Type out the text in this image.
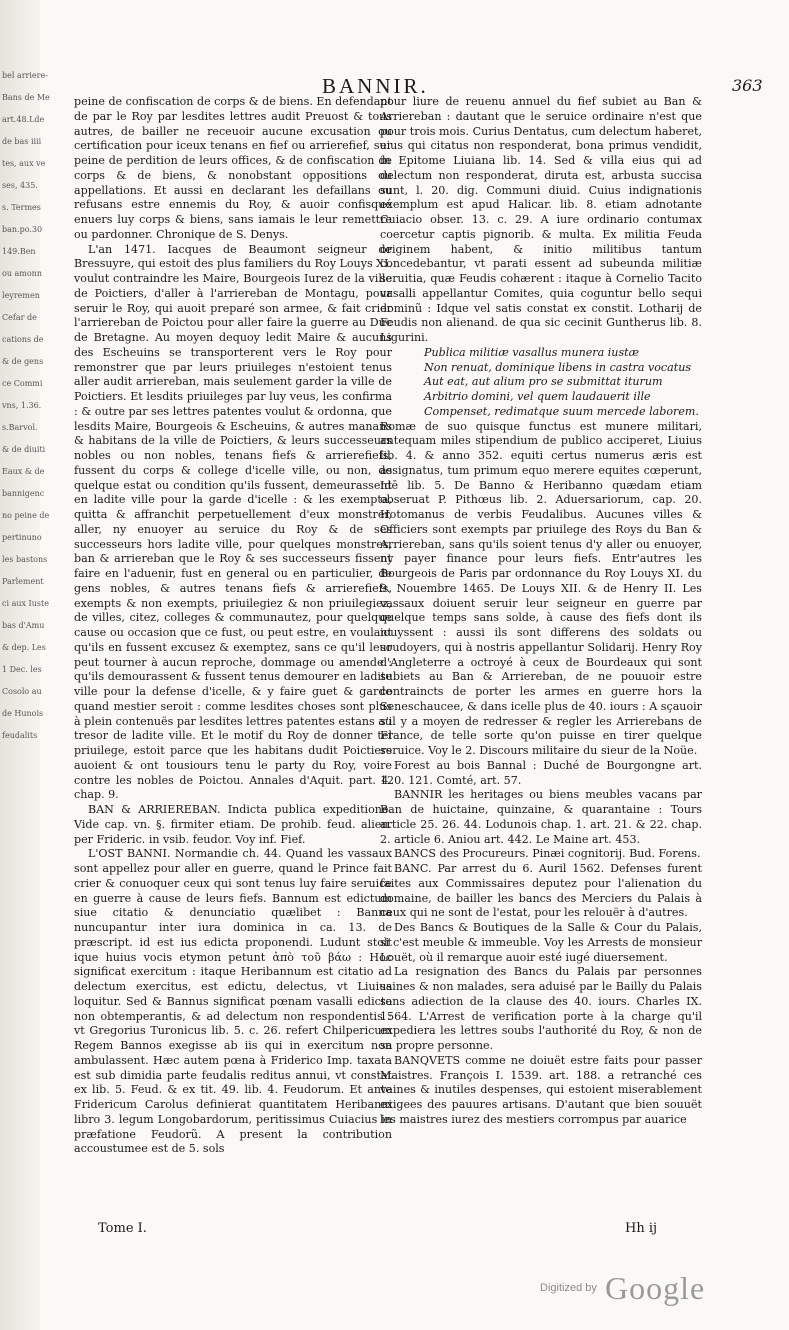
bel arriere-
Bans de Me
art.48.Lde
de bas iiii
tes, aux ve
ses, 435.
s. Termes
ban.po.30
149.Ben
ou amonn
leyremen
Cefar de
cations de
& de gens
ce Commi
vns, 1.36.
s.Barvol.
& de diuiti
Eaux & de
bannigenc
no peine de
pertinuno
les bastons
Parlement
ci aux Iuste
bas d'Amu
& dep. Les
1 Dec. les
Cosolo au
de Hunois
feudalits
BANNIR.	363

peine de confiscation de corps & de biens. En defendant de par le Roy par lesdites lettres audit Preuost & tous autres, de bailler ne receuoir aucune excusation ou certification pour iceux tenans en fief ou arrierefief, sur peine de perdition de leurs offices, & de confiscation de corps & de biens, & nonobstant oppositions ou appellations. Et aussi en declarant les defaillans ou refusans estre ennemis du Roy, & auoir confisqué enuers luy corps & biens, sans iamais le leur remettre ou pardonner. Chronique de S. Denys.

L'an 1471. Iacques de Beaumont seigneur de Bressuyre, qui estoit des plus familiers du Roy Louys XI. voulut contraindre les Maire, Bourgeois Iurez de la ville de Poictiers, d'aller à l'arriereban de Montagu, pour seruir le Roy, qui auoit preparé son armee, & fait crier l'arriereban de Poictou pour aller faire la guerre au Duc de Bretagne. Au moyen dequoy ledit Maire & aucuns des Escheuins se transporterent vers le Roy pour remonstrer que par leurs priuileges n'estoient tenus aller audit arriereban, mais seulement garder la ville de Poictiers. Et lesdits priuileges par luy veus, les confirma : & outre par ses lettres patentes voulut & ordonna, que lesdits Maire, Bourgeois & Escheuins, & autres manans & habitans de la ville de Poictiers, & leurs successeurs nobles ou non nobles, tenans fiefs & arrierefiefs, fussent du corps & college d'icelle ville, ou non, de quelque estat ou condition qu'ils fussent, demeurassent en ladite ville pour la garde d'icelle : & les exempta, quitta & affranchit perpetuellement d'eux monstrer, aller, ny enuoyer au seruice du Roy & de ses successeurs hors ladite ville, pour quelques monstres, ban & arriereban que le Roy & ses successeurs fissent faire en l'aduenir, fust en general ou en particulier, de gens nobles, & autres tenans fiefs & arrierefiefs, exempts & non exempts, priuilegiez & non priuilegiez, de villes, citez, colleges & communautez, pour quelque cause ou occasion que ce fust, ou peut estre, en voulant qu'ils en fussent excusez & exemptez, sans ce qu'il leur peut tourner à aucun reproche, dommage ou amende : qu'ils demourassent & fussent tenus demourer en ladite ville pour la defense d'icelle, & y faire guet & garde quand mestier seroit : comme lesdites choses sont plus à plein contenuës par lesdites lettres patentes estans au tresor de ladite ville. Et le motif du Roy de donner tel priuilege, estoit parce que les habitans dudit Poictiers auoient & ont tousiours tenu le party du Roy, voire contre les nobles de Poictou. Annales d'Aquit. part. 4. chap. 9.

BAN & ARRIEREBAN. Indicta publica expeditione. Vide cap. vn. §. firmiter etiam. De prohib. feud. alien. per Frideric. in vsib. feudor. Voy inf. Fief.

L'OST BANNI. Normandie ch. 44. Quand les vassaux sont appellez pour aller en guerre, quand le Prince fait crier & conuoquer ceux qui sont tenus luy faire seruice en guerre à cause de leurs fiefs. Bannum est edictum siue citatio & denunciatio quælibet : Banna nuncupantur inter iura dominica in ca. 13. de præscript. id est ius edicta proponendi. Ludunt stolt ique huius vocis etymon petunt ἀπὸ τοῦ βάω : Hoc significat exercitum : itaque Heribannum est citatio ad delectum exercitus, est edictu, delectus, vt Liuius loquitur. Sed & Bannus significat pœnam vasalli edicto non obtemperantis, & ad delectum non respondentis : vt Gregorius Turonicus lib. 5. c. 26. refert Chilpericum Regem Bannos exegisse ab iis qui in exercitum non ambulassent. Hæc autem pœna à Friderico Imp. taxata est sub dimidia parte feudalis reditus annui, vt constat ex lib. 5. Feud. & ex tit. 49. lib. 4. Feudorum. Et ante Fridericum Carolus definierat quantitatem Heribanni libro 3. legum Longobardorum, peritissimus Cuiacius in præfatione Feudorũ. A present la contribution accoustumee est de 5. sols

pour liure de reuenu annuel du fief subiet au Ban & Arriereban : dautant que le seruice ordinaire n'est que pour trois mois. Curius Dentatus, cum delectum haberet, eius qui citatus non responderat, bona primus vendidit, in Epitome Liuiana lib. 14. Sed & villa eius qui ad delectum non responderat, diruta est, arbusta succisa sunt, l. 20. dig. Communi diuid. Cuius indignationis exemplum est apud Halicar. lib. 8. etiam adnotante Cuiacio obser. 13. c. 29. A iure ordinario contumax coercetur captis pignorib. & multa. Ex militia Feuda originem habent, & initio militibus tantum concedebantur, vt parati essent ad subeunda militiæ seruitia, quæ Feudis cohærent : itaque à Cornelio Tacito vasalli appellantur Comites, quia coguntur bello sequi dominũ : Idque vel satis constat ex constit. Lotharij de Feudis non alienand. de qua sic cecinit Guntherus lib. 8. Ligurini.

Publica militiæ vasallus munera iustæ

Non renuat, dominique libens in castra vocatus

Aut eat, aut alium pro se submittat iturum

Arbitrio domini, vel quem laudauerit ille

Compenset, redimatque suum mercede laborem.

Romæ de suo quisque functus est munere militari, antequam miles stipendium de publico acciperet, Liuius lib. 4. & anno 352. equiti certus numerus æris est assignatus, tum primum equo merere equites cœperunt, Idē lib. 5. De Banno & Heribanno quædam etiam obseruat P. Pithœus lib. 2. Aduersariorum, cap. 20. Hotomanus de verbis Feudalibus. Aucunes villes & Officiers sont exempts par priuilege des Roys du Ban & Arriereban, sans qu'ils soient tenus d'y aller ou enuoyer, ny payer finance pour leurs fiefs. Entr'autres les Bourgeois de Paris par ordonnance du Roy Louys XI. du 9. Nouembre 1465. De Louys XII. & de Henry II. Les vassaux doiuent seruir leur seigneur en guerre par quelque temps sans solde, à cause des fiefs dont ils iouyssent : aussi ils sont differens des soldats ou soudoyers, qui à nostris appellantur Solidarij. Henry Roy d'Angleterre a octroyé à ceux de Bourdeaux qui sont subiets au Ban & Arriereban, de ne pouuoir estre contraincts de porter les armes en guerre hors la Seneschaucee, & dans icelle plus de 40. iours : A sçauoir s'il y a moyen de redresser & regler les Arrierebans de France, de telle sorte qu'on puisse en tirer quelque seruice. Voy le 2. Discours militaire du sieur de la Noüe.

Forest au bois Bannal : Duché de Bourgongne art. 120. 121. Comté, art. 57.

BANNIR les heritages ou biens meubles vacans par Ban de huictaine, quinzaine, & quarantaine : Tours article 25. 26. 44. Lodunois chap. 1. art. 21. & 22. chap. 2. article 6. Aniou art. 442. Le Maine art. 453.

BANCS des Procureurs. Pinæi cognitorij. Bud. Forens.

BANC. Par arrest du 6. Auril 1562. Defenses furent faites aux Commissaires deputez pour l'alienation du domaine, de bailler les bancs des Merciers du Palais à ceux qui ne sont de l'estat, pour les relouër à d'autres.

Des Bancs & Boutiques de la Salle & Cour du Palais, si c'est meuble & immeuble. Voy les Arrests de monsieur Louët, où il remarque auoir esté iugé diuersement.

La resignation des Bancs du Palais par personnes saines & non malades, sera aduisé par le Bailly du Palais sans adiection de la clause des 40. iours. Charles IX. 1564. L'Arrest de verification porte à la charge qu'il expediera les lettres soubs l'authorité du Roy, & non de sa propre personne.

BANQVETS comme ne doiuët estre faits pour passer Maistres. François I. 1539. art. 188. a retranché ces vaines & inutiles despenses, qui estoient miserablement exigees des pauures artisans. D'autant que bien souuët les maistres iurez des mestiers corrompus par auarice

Tome I.	Hh ij
Digitized by Google
